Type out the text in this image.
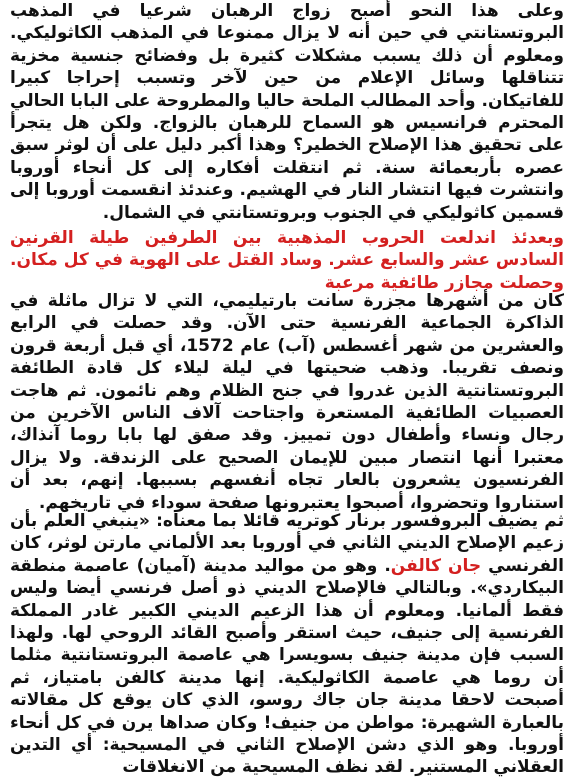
وعلى هذا النحو أصبح زواج الرهبان شرعيا في المذهب البروتستانتي في حين أنه لا يزال ممنوعا في المذهب الكاثوليكي. ومعلوم أن ذلك يسبب مشكلات كثيرة بل وفضائح جنسية مخزية تتناقلها وسائل الإعلام من حين لآخر وتسبب إحراجا كبيرا للفاتيكان. وأحد المطالب الملحة حاليا والمطروحة على البابا الحالي المحترم فرانسيس هو السماح للرهبان بالزواج. ولكن هل يتجرأ على تحقيق هذا الإصلاح الخطير؟ وهذا أكبر دليل على أن لوثر سبق عصره بأربعمائة سنة. ثم انتقلت أفكاره إلى كل أنحاء أوروبا وانتشرت فيها انتشار النار في الهشيم. وعندئذ انقسمت أوروبا إلى قسمين كاثوليكي في الجنوب وبروتستانتي في الشمال.

وبعدئذ اندلعت الحروب المذهبية بين الطرفين طيلة القرنين السادس عشر والسابع عشر. وساد القتل على الهوية في كل مكان. وحصلت مجازر طائفية مرعبة

كان من أشهرها مجزرة سانت بارتيليمي، التي لا تزال ماثلة في الذاكرة الجماعية الفرنسية حتى الآن. وقد حصلت في الرابع والعشرين من شهر أغسطس (آب) عام 1572، أي قبل أربعة قرون ونصف تقريبا. وذهب ضحيتها في ليلة ليلاء كل قادة الطائفة البروتستانتية الذين غدروا في جنح الظلام وهم نائمون. ثم هاجت العصبيات الطائفية المستعرة واجتاحت آلاف الناس الآخرين من رجال ونساء وأطفال دون تمييز. وقد صفق لها بابا روما آنذاك، معتبرا أنها انتصار مبين للإيمان الصحيح على الزندقة. ولا يزال الفرنسيون يشعرون بالعار تجاه أنفسهم بسببها. إنهم، بعد أن استناروا وتحضروا، أصبحوا يعتبرونها صفحة سوداء في تاريخهم.

ثم يضيف البروفسور برنار كوتريه قائلا بما معناه: «ينبغي العلم بأن زعيم الإصلاح الديني الثاني في أوروبا بعد الألماني مارتن لوثر، كان الفرنسي جان كالفن. وهو من مواليد مدينة (آميان) عاصمة منطقة البيكاردي». وبالتالي فالإصلاح الديني ذو أصل فرنسي أيضا وليس فقط ألمانيا. ومعلوم أن هذا الزعيم الديني الكبير غادر المملكة الفرنسية إلى جنيف، حيث استقر وأصبح القائد الروحي لها. ولهذا السبب فإن مدينة جنيف بسويسرا هي عاصمة البروتستانتية مثلما أن روما هي عاصمة الكاثوليكية. إنها مدينة كالفن بامتياز، ثم أصبحت لاحقا مدينة جان جاك روسو، الذي كان يوقع كل مقالاته بالعبارة الشهيرة: مواطن من جنيف! وكان صداها يرن في كل أنحاء أوروبا. وهو الذي دشن الإصلاح الثاني في المسيحية: أي التدين العقلاني المستنير. لقد نظف المسيحية من الانغلاقات
